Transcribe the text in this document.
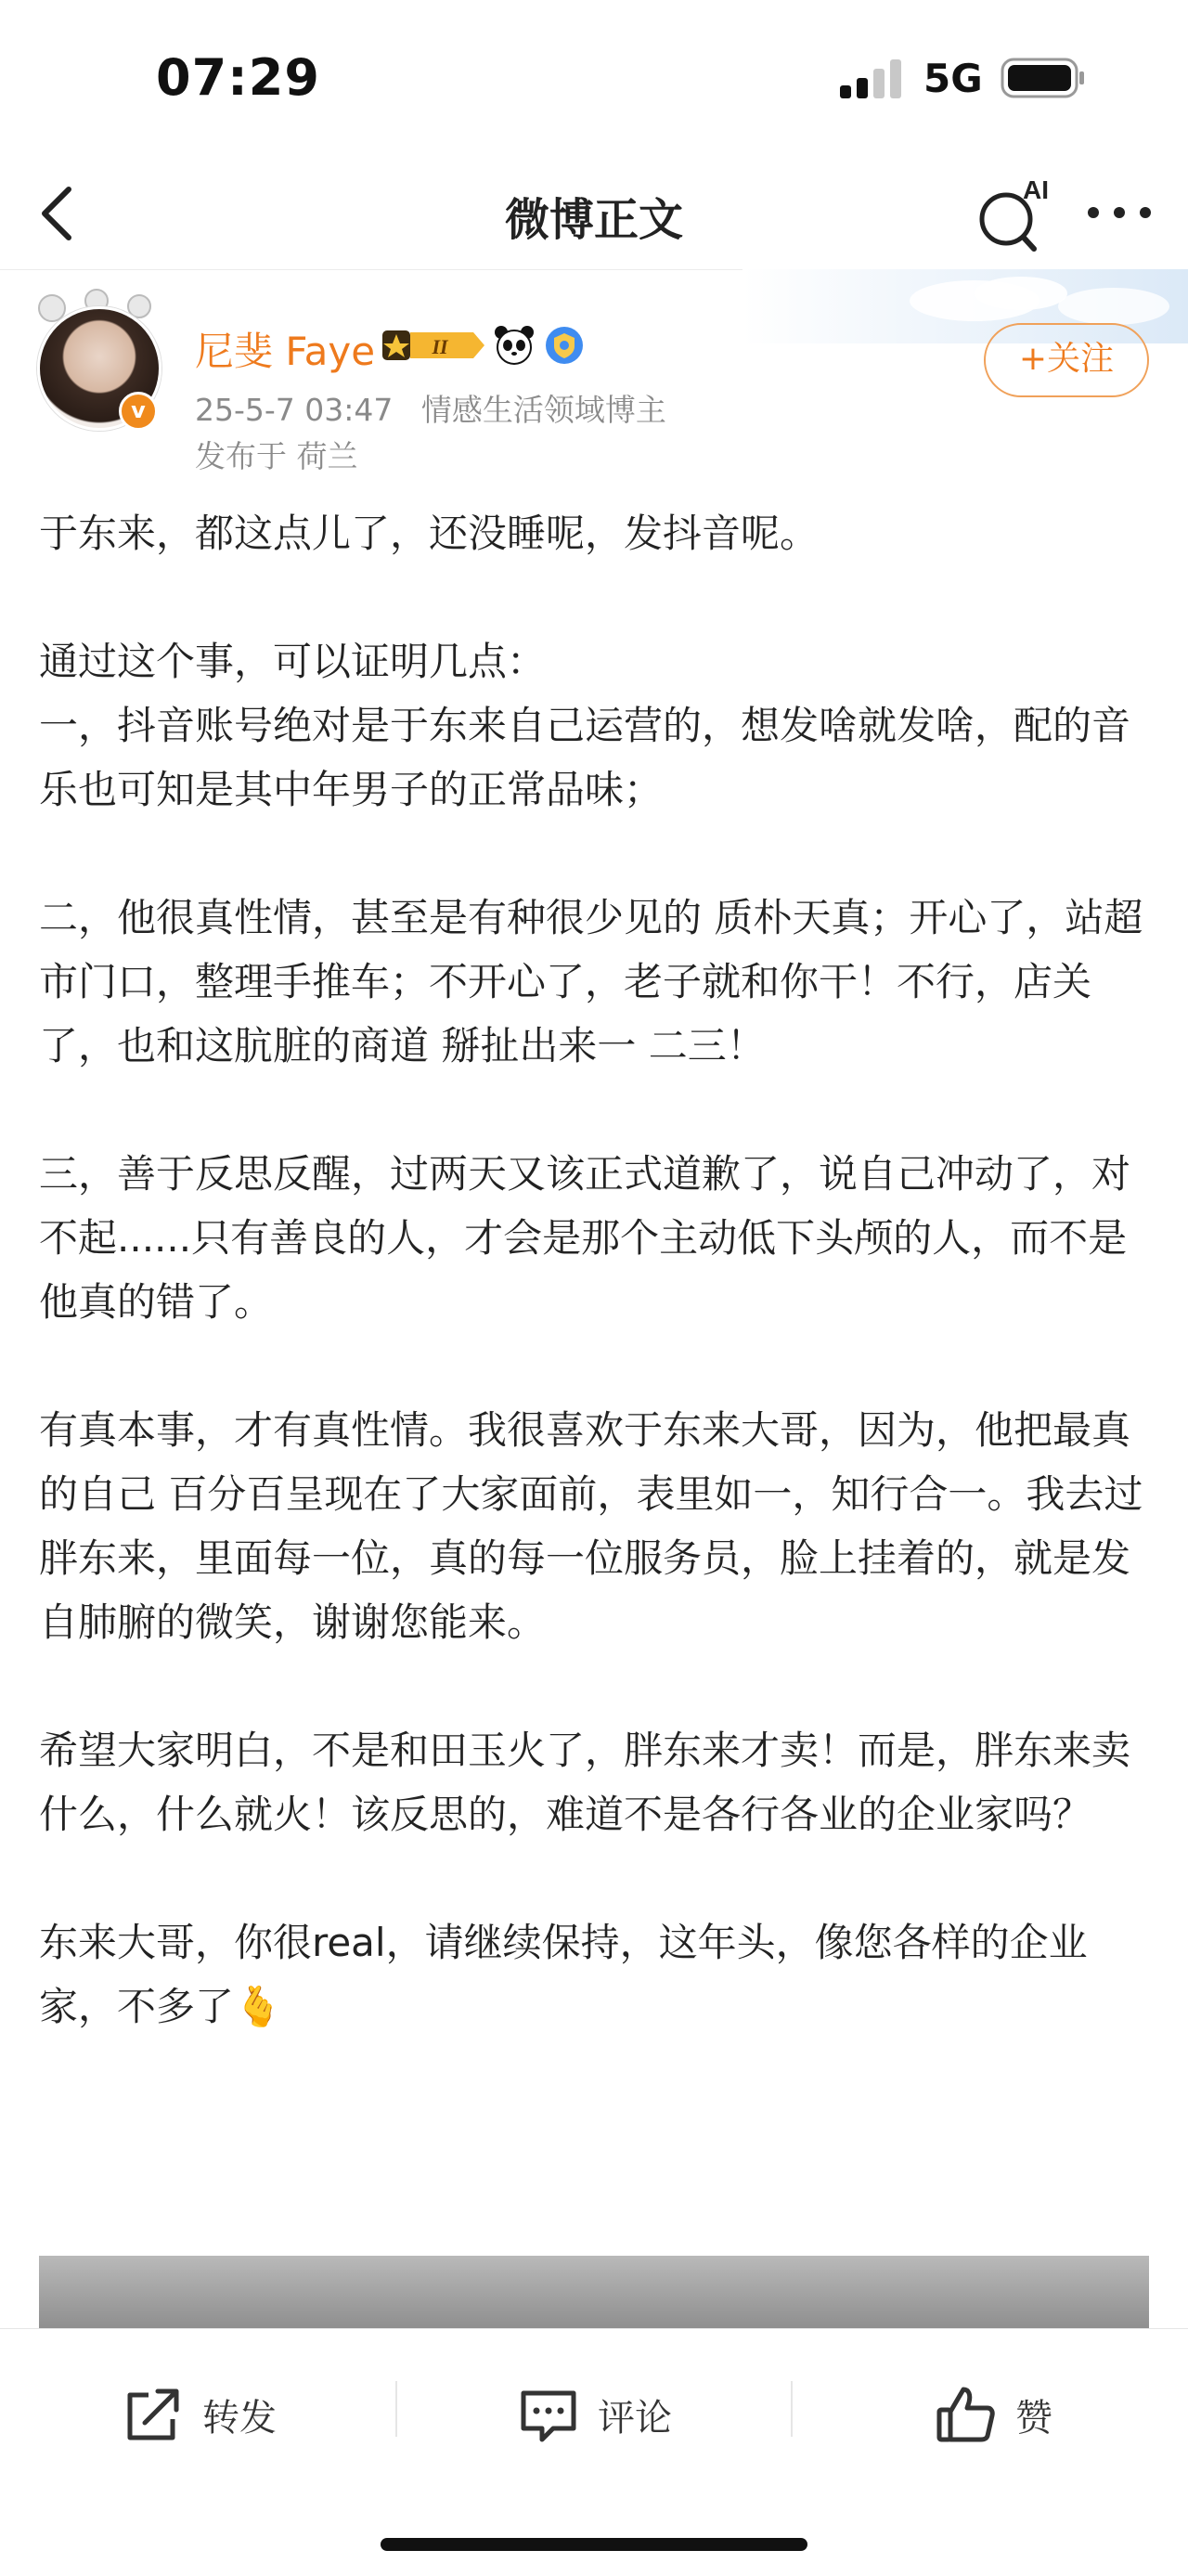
07:29	5G
微博正文
AI
v
尼斐 Faye	II
25-5-7 03:47 情感生活领域博主
发布于 荷兰
+关注

于东来，都这点儿了，还没睡呢，发抖音呢。

通过这个事，可以证明几点：

一，抖音账号绝对是于东来自己运营的，想发啥就发啥，配的音乐也可知是其中年男子的正常品味；

二，他很真性情，甚至是有种很少见的 质朴天真；开心了，站超市门口，整理手推车；不开心了，老子就和你干！不行，店关了，也和这肮脏的商道 掰扯出来一 二三！

三，善于反思反醒，过两天又该正式道歉了，说自己冲动了，对不起......只有善良的人，才会是那个主动低下头颅的人，而不是他真的错了。

有真本事，才有真性情。我很喜欢于东来大哥，因为，他把最真的自己 百分百呈现在了大家面前，表里如一，知行合一。我去过胖东来，里面每一位，真的每一位服务员，脸上挂着的，就是发自肺腑的微笑，谢谢您能来。

希望大家明白，不是和田玉火了，胖东来才卖！而是，胖东来卖什么，什么就火！该反思的，难道不是各行各业的企业家吗？

东来大哥，你很real，请继续保持，这年头，像您各样的企业家，不多了🫰

转发	评论	赞
